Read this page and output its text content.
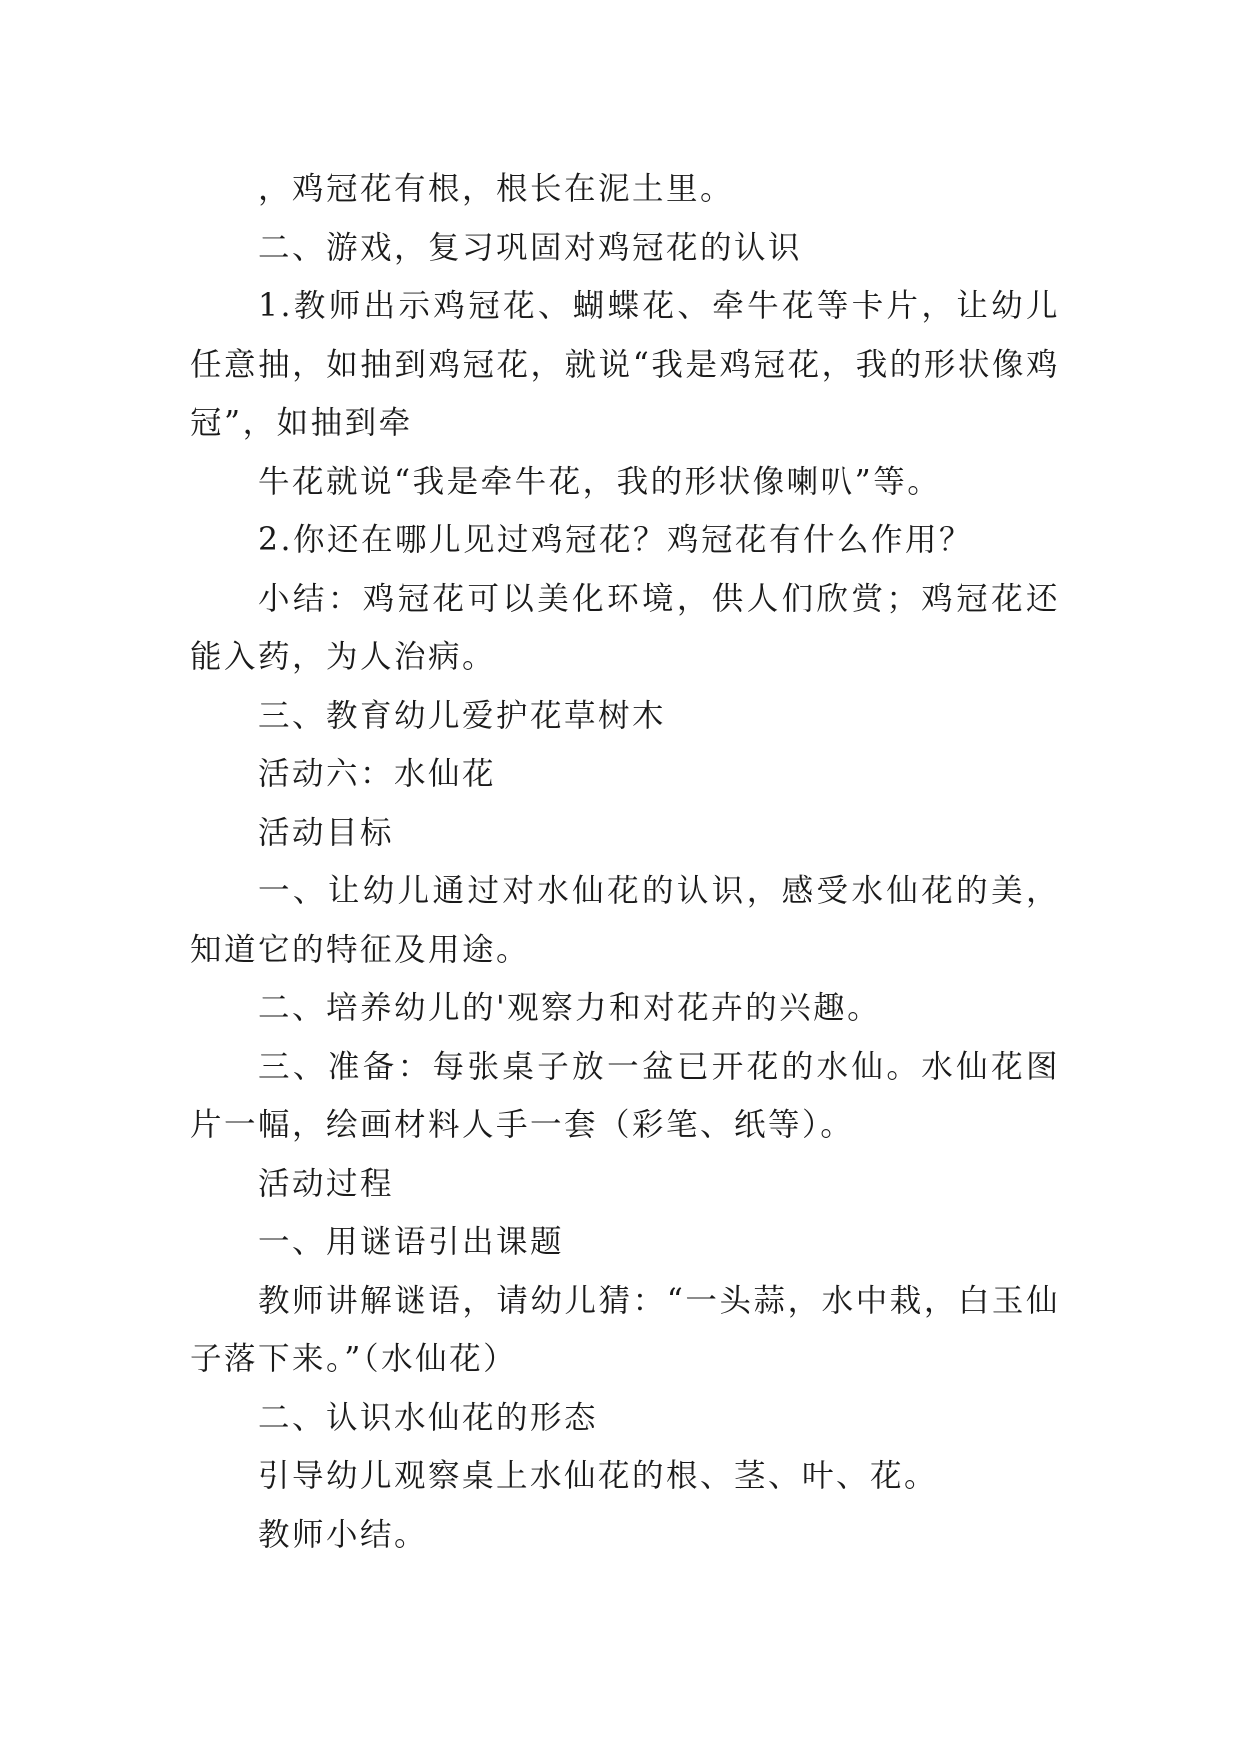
，鸡冠花有根，根长在泥土里。

二、游戏，复习巩固对鸡冠花的认识

1.教师出示鸡冠花、蝴蝶花、牵牛花等卡片，让幼儿任意抽，如抽到鸡冠花，就说“我是鸡冠花，我的形状像鸡冠”，如抽到牵

牛花就说“我是牵牛花，我的形状像喇叭”等。

2.你还在哪儿见过鸡冠花？鸡冠花有什么作用？

小结：鸡冠花可以美化环境，供人们欣赏；鸡冠花还能入药，为人治病。

三、教育幼儿爱护花草树木

活动六：水仙花

活动目标

一、让幼儿通过对水仙花的认识，感受水仙花的美，知道它的特征及用途。

二、培养幼儿的'观察力和对花卉的兴趣。

三、准备：每张桌子放一盆已开花的水仙。水仙花图片一幅，绘画材料人手一套（彩笔、纸等）。

活动过程

一、用谜语引出课题

教师讲解谜语，请幼儿猜：“一头蒜，水中栽，白玉仙子落下来。”（水仙花）

二、认识水仙花的形态

引导幼儿观察桌上水仙花的根、茎、叶、花。

教师小结。
